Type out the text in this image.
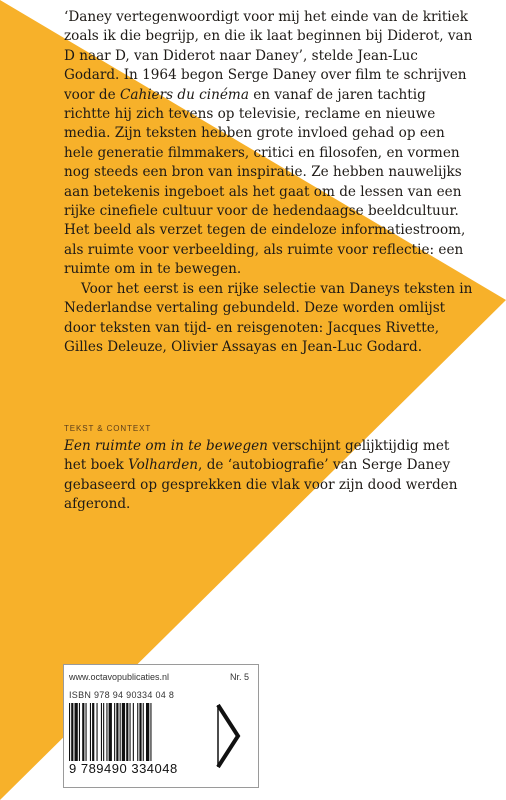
‘Daney vertegenwoordigt voor mij het einde van de kritiek zoals ik die begrijp, en die ik laat beginnen bij Diderot, van D naar D, van Diderot naar Daney’, stelde Jean-Luc Godard. In 1964 begon Serge Daney over film te schrijven voor de Cahiers du cinéma en vanaf de jaren tachtig richtte hij zich tevens op televisie, reclame en nieuwe media. Zijn teksten hebben grote invloed gehad op een hele generatie filmmakers, critici en filosofen, en vormen nog steeds een bron van inspiratie. Ze hebben nauwelijks aan betekenis ingeboet als het gaat om de lessen van een rijke cinefiele cultuur voor de hedendaagse beeldcultuur. Het beeld als verzet tegen de eindeloze informatiestroom, als ruimte voor verbeelding, als ruimte voor reflectie: een ruimte om in te bewegen.

Voor het eerst is een rijke selectie van Daneys teksten in Nederlandse vertaling gebundeld. Deze worden omlijst door teksten van tijd- en reisgenoten: Jacques Rivette, Gilles Deleuze, Olivier Assayas en Jean-Luc Godard.

TEKST & CONTEXT

Een ruimte om in te bewegen verschijnt gelijktijdig met het boek Volharden, de ‘autobiografie’ van Serge Daney gebaseerd op gesprekken die vlak voor zijn dood werden afgerond.

www.octavopublicaties.nl	Nr. 5
ISBN 978 94 90334 04 8
9 789490 334048
